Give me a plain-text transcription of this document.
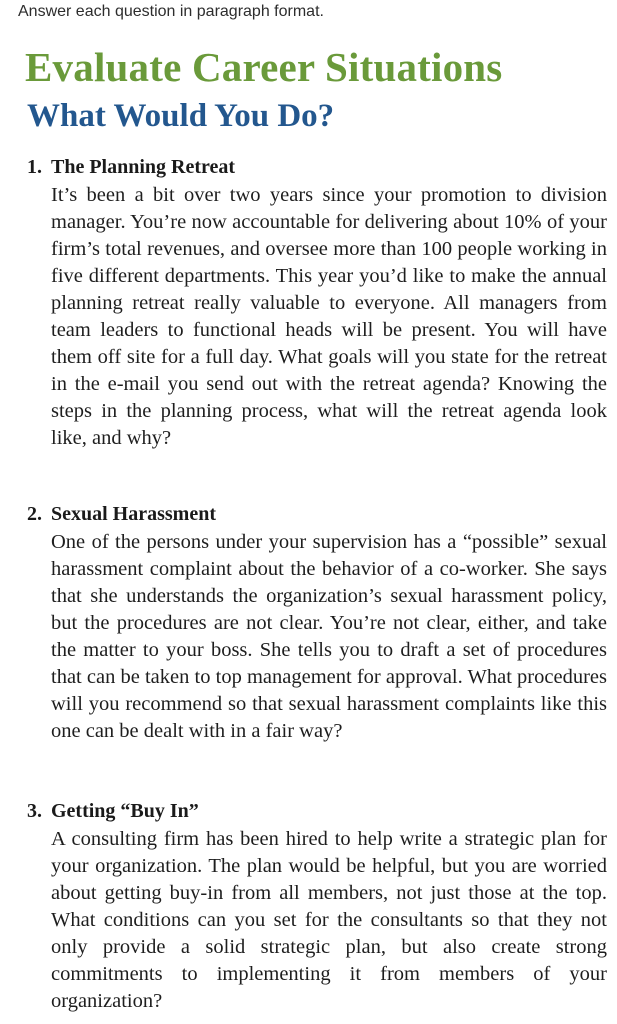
Answer each question in paragraph format.
Evaluate Career Situations
What Would You Do?

1. The Planning Retreat

It’s been a bit over two years since your promotion to division manager. You’re now accountable for delivering about 10% of your firm’s total revenues, and oversee more than 100 people working in five different departments. This year you’d like to make the annual planning retreat really valuable to everyone. All managers from team leaders to functional heads will be present. You will have them off site for a full day. What goals will you state for the retreat in the e-mail you send out with the retreat agenda? Knowing the steps in the planning process, what will the retreat agenda look like, and why?

2. Sexual Harassment

One of the persons under your supervision has a “possible” sexual harassment complaint about the behavior of a co-worker. She says that she understands the organization’s sexual harassment policy, but the procedures are not clear. You’re not clear, either, and take the matter to your boss. She tells you to draft a set of procedures that can be taken to top management for approval. What procedures will you recommend so that sexual harassment complaints like this one can be dealt with in a fair way?

3. Getting “Buy In”

A consulting firm has been hired to help write a strategic plan for your organization. The plan would be helpful, but you are worried about getting buy-in from all members, not just those at the top. What conditions can you set for the consultants so that they not only provide a solid strategic plan, but also create strong commitments to implementing it from members of your organization?
